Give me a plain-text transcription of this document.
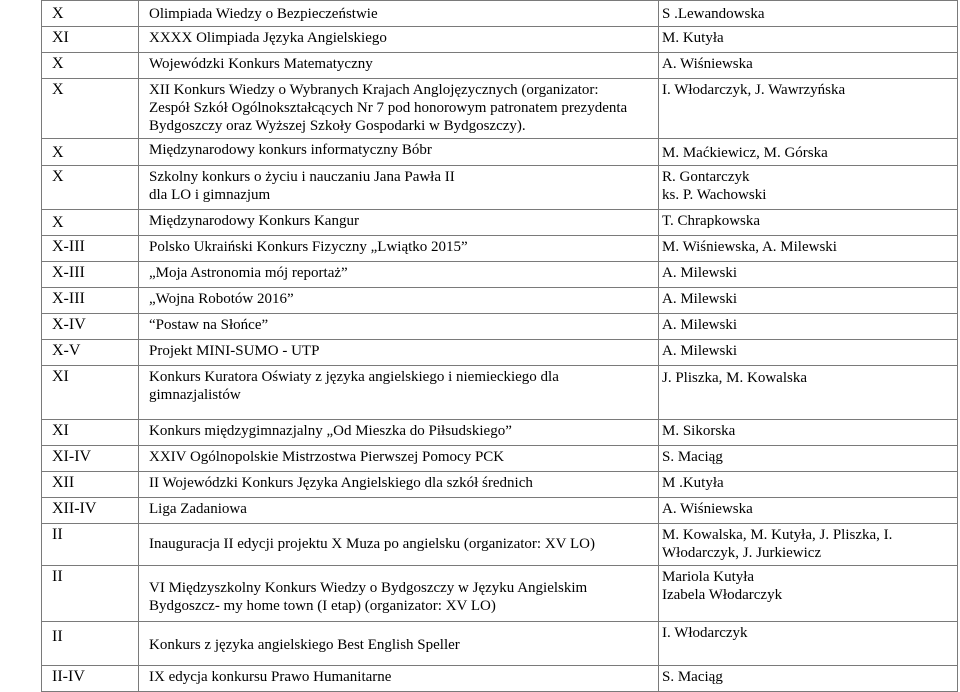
X	Olimpiada Wiedzy o Bezpieczeństwie	S .Lewandowska

XI	XXXX Olimpiada Języka Angielskiego	M. Kutyła

X	Wojewódzki Konkurs Matematyczny	A. Wiśniewska

X	XII Konkurs Wiedzy o Wybranych Krajach Anglojęzycznych (organizator:
Zespół Szkół Ogólnokształcących Nr 7 pod honorowym patronatem prezydenta
Bydgoszczy oraz Wyższej Szkoły Gospodarki w Bydgoszczy).	I. Włodarczyk, J. Wawrzyńska

X	Międzynarodowy konkurs informatyczny Bóbr	M. Maćkiewicz, M. Górska

X	Szkolny konkurs o życiu i nauczaniu Jana Pawła II
dla LO i gimnazjum	R. Gontarczyk
ks. P. Wachowski

X	Międzynarodowy Konkurs Kangur	T. Chrapkowska

X-III	Polsko Ukraiński Konkurs Fizyczny „Lwiątko 2015”	M. Wiśniewska, A. Milewski

X-III	„Moja Astronomia mój reportaż”	A. Milewski

X-III	„Wojna Robotów 2016”	A. Milewski

X-IV	“Postaw na Słońce”	A. Milewski

X-V	Projekt MINI-SUMO - UTP	A. Milewski

XI	Konkurs Kuratora Oświaty z języka angielskiego i niemieckiego dla
gimnazjalistów	J. Pliszka, M. Kowalska

XI	Konkurs międzygimnazjalny „Od Mieszka do Piłsudskiego”	M. Sikorska

XI-IV	XXIV Ogólnopolskie Mistrzostwa Pierwszej Pomocy PCK	S. Maciąg

XII	II Wojewódzki Konkurs Języka Angielskiego dla szkół średnich	M .Kutyła

XII-IV	Liga Zadaniowa	A. Wiśniewska

II	Inauguracja II edycji projektu X Muza po angielsku (organizator: XV LO)	M. Kowalska, M. Kutyła, J. Pliszka, I.
Włodarczyk, J. Jurkiewicz

II	VI Międzyszkolny Konkurs Wiedzy o Bydgoszczy w Języku Angielskim
Bydgoszcz- my home town (I etap) (organizator: XV LO)	Mariola Kutyła
Izabela Włodarczyk

II	Konkurs z języka angielskiego Best English Speller	I. Włodarczyk

II-IV	IX edycja konkursu Prawo Humanitarne	S. Maciąg
